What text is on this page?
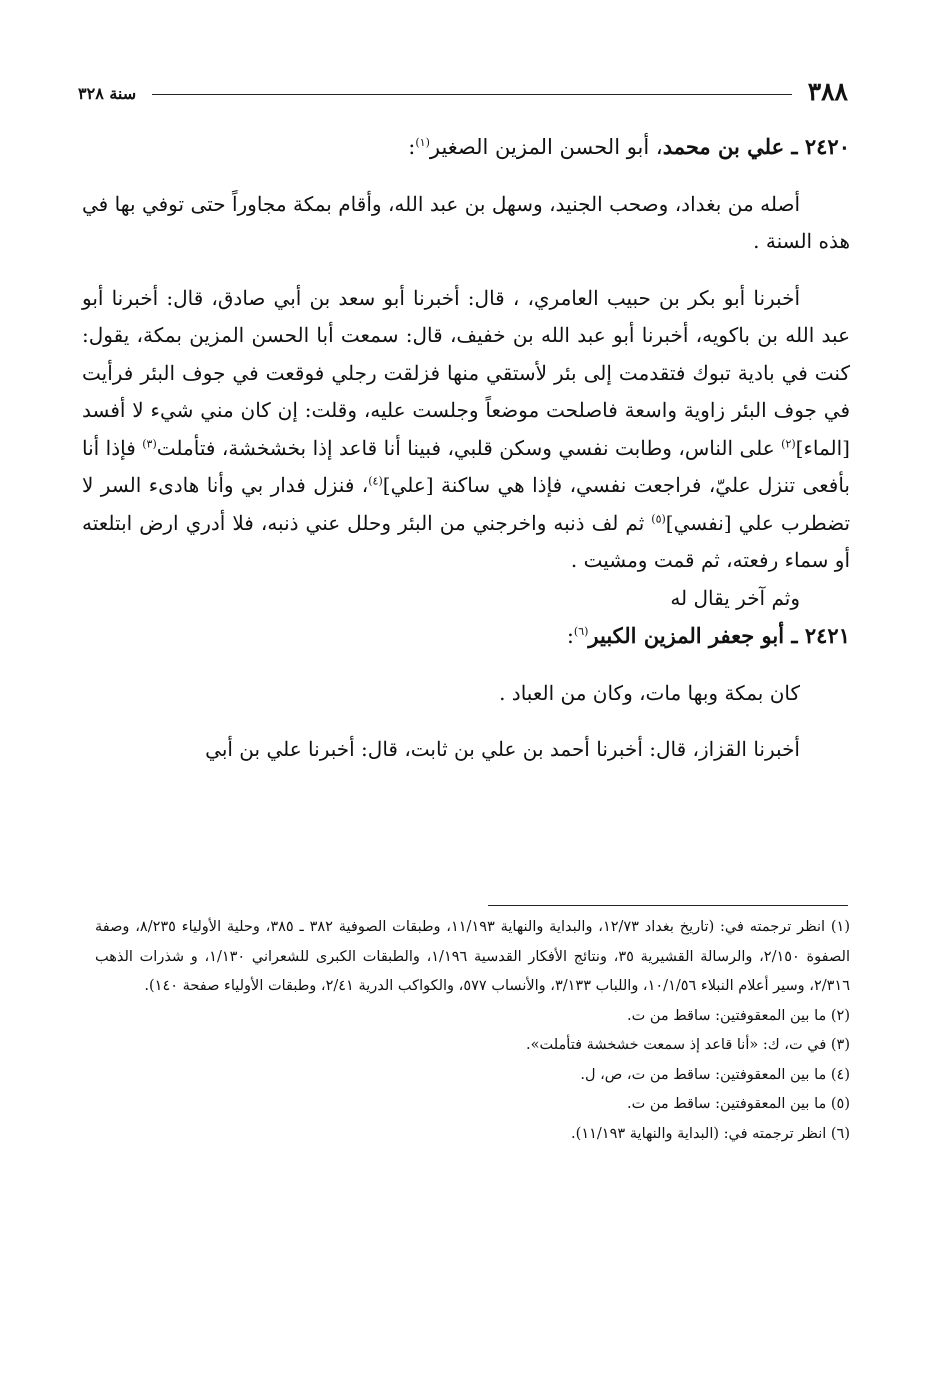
٣٨٨
سنة ٣٢٨

٢٤٢٠ ـ علي بن محمد، أبو الحسن المزين الصغير$^{(١)}$:

أصله من بغداد، وصحب الجنيد، وسهل بن عبد الله، وأقام بمكة مجاوراً حتى توفي بها في هذه السنة .

أخبرنا أبو بكر بن حبيب العامري، ، قال: أخبرنا أبو سعد بن أبي صادق، قال: أخبرنا أبو عبد الله بن باكويه، أخبرنا أبو عبد الله بن خفيف، قال: سمعت أبا الحسن المزين بمكة، يقول: كنت في بادية تبوك فتقدمت إلى بئر لأستقي منها فزلقت رجلي فوقعت في جوف البئر فرأيت في جوف البئر زاوية واسعة فاصلحت موضعاً وجلست عليه، وقلت: إن كان مني شيء لا أفسد [الماء]$^{(٢)}$ على الناس، وطابت نفسي وسكن قلبي، فبينا أنا قاعد إذا بخشخشة، فتأملت$^{(٣)}$ فإذا أنا بأفعى تنزل عليّ، فراجعت نفسي، فإذا هي ساكنة [علي]$^{(٤)}$، فنزل فدار بي وأنا هادىء السر لا تضطرب علي [نفسي]$^{(٥)}$ ثم لف ذنبه واخرجني من البئر وحلل عني ذنبه، فلا أدري ارض ابتلعته أو سماء رفعته، ثم قمت ومشيت .

وثم آخر يقال له

٢٤٢١ ـ أبو جعفر المزين الكبير$^{(٦)}$:

كان بمكة وبها مات، وكان من العباد .

أخبرنا القزاز، قال: أخبرنا أحمد بن علي بن ثابت، قال: أخبرنا علي بن أبي

(١) انظر ترجمته في: (تاريخ بغداد ١٢/٧٣، والبداية والنهاية ١١/١٩٣، وطبقات الصوفية ٣٨٢ ـ ٣٨٥، وحلية الأولياء ٨/٢٣٥، وصفة الصفوة ٢/١٥٠، والرسالة القشيرية ٣٥، ونتائج الأفكار القدسية ١/١٩٦، والطبقات الكبرى للشعراني ١/١٣٠، و شذرات الذهب ٢/٣١٦، وسير أعلام النبلاء ١٠/١/٥٦، واللباب ٣/١٣٣، والأنساب ٥٧٧، والكواكب الدرية ٢/٤١، وطبقات الأولياء صفحة ١٤٠).

(٢) ما بين المعقوفتين: ساقط من ت.

(٣) في ت، ك: «أنا قاعد إذ سمعت خشخشة فتأملت».

(٤) ما بين المعقوفتين: ساقط من ت، ص، ل.

(٥) ما بين المعقوفتين: ساقط من ت.

(٦) انظر ترجمته في: (البداية والنهاية ١١/١٩٣).
